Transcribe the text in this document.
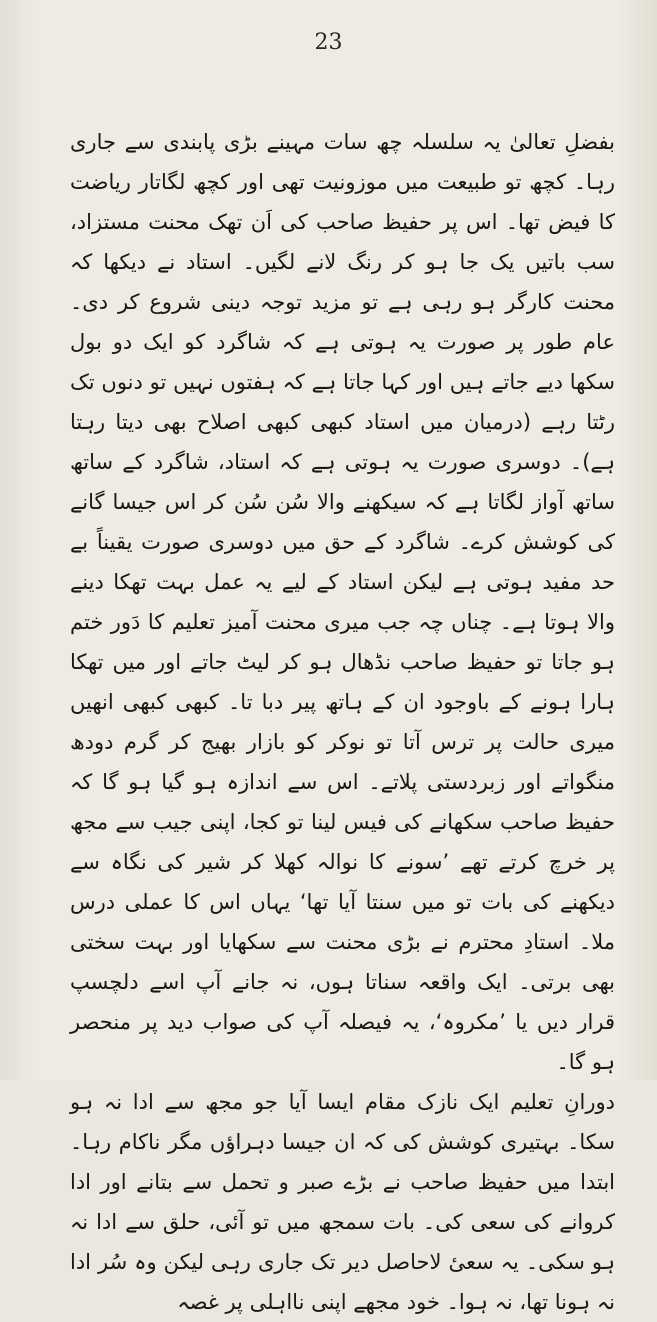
23

بفضلِ تعالیٰ یہ سلسلہ چھ سات مہینے بڑی پابندی سے جاری رہا۔ کچھ تو طبیعت میں موزونیت تھی اور کچھ لگاتار ریاضت کا فیض تھا۔ اس پر حفیظ صاحب کی اَن تھک محنت مستزاد، سب باتیں یک جا ہو کر رنگ لانے لگیں۔ استاد نے دیکھا کہ محنت کارگر ہو رہی ہے تو مزید توجہ دینی شروع کر دی۔ عام طور پر صورت یہ ہوتی ہے کہ شاگرد کو ایک دو بول سکھا دیے جاتے ہیں اور کہا جاتا ہے کہ ہفتوں نہیں تو دنوں تک رٹتا رہے (درمیان میں استاد کبھی کبھی اصلاح بھی دیتا رہتا ہے)۔ دوسری صورت یہ ہوتی ہے کہ استاد، شاگرد کے ساتھ ساتھ آواز لگاتا ہے کہ سیکھنے والا سُن سُن کر اس جیسا گانے کی کوشش کرے۔ شاگرد کے حق میں دوسری صورت یقیناً بے حد مفید ہوتی ہے لیکن استاد کے لیے یہ عمل بہت تھکا دینے والا ہوتا ہے۔ چناں چہ جب میری محنت آمیز تعلیم کا دَور ختم ہو جاتا تو حفیظ صاحب نڈھال ہو کر لیٹ جاتے اور میں تھکا ہارا ہونے کے باوجود ان کے ہاتھ پیر دبا تا۔ کبھی کبھی انھیں میری حالت پر ترس آتا تو نوکر کو بازار بھیج کر گرم دودھ منگواتے اور زبردستی پلاتے۔ اس سے اندازہ ہو گیا ہو گا کہ حفیظ صاحب سکھانے کی فیس لینا تو کجا، اپنی جیب سے مجھ پر خرچ کرتے تھے ’سونے کا نوالہ کھلا کر شیر کی نگاہ سے دیکھنے کی بات تو میں سنتا آیا تھا‘ یہاں اس کا عملی درس ملا۔ استادِ محترم نے بڑی محنت سے سکھایا اور بہت سختی بھی برتی۔ ایک واقعہ سناتا ہوں، نہ جانے آپ اسے دلچسپ قرار دیں یا ’مکروہ‘، یہ فیصلہ آپ کی صواب دید پر منحصر ہو گا۔

دورانِ تعلیم ایک نازک مقام ایسا آیا جو مجھ سے ادا نہ ہو سکا۔ بہتیری کوشش کی کہ ان جیسا دہراؤں مگر ناکام رہا۔ ابتدا میں حفیظ صاحب نے بڑے صبر و تحمل سے بتانے اور ادا کروانے کی سعی کی۔ بات سمجھ میں تو آئی، حلق سے ادا نہ ہو سکی۔ یہ سعیٔ لاحاصل دیر تک جاری رہی لیکن وہ سُر ادا نہ ہونا تھا، نہ ہوا۔ خود مجھے اپنی نااہلی پر غصہ
